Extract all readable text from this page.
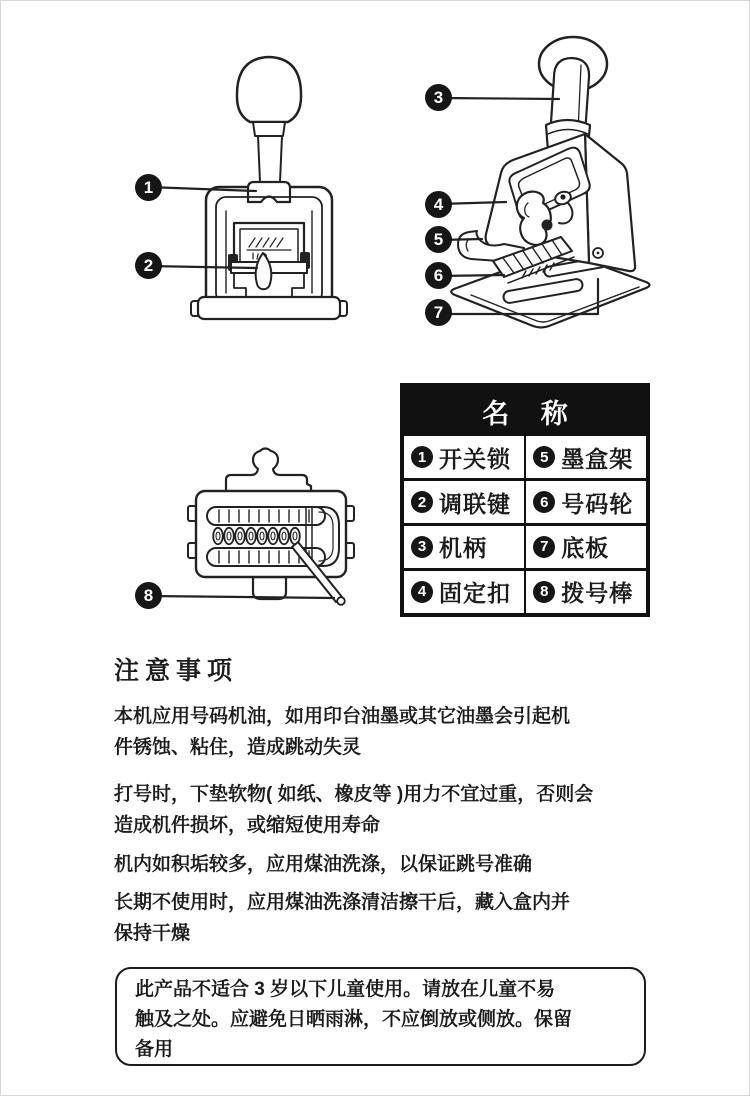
1
2
3
4
5
6
7
8
名 称
1 开关锁	5 墨盒架
2 调联键	6 号码轮
3 机柄	7 底板
4 固定扣	8 拨号棒
注意事项
本机应用号码机油，如用印台油墨或其它油墨会引起机
件锈蚀、粘住，造成跳动失灵
打号时，下垫软物( 如纸、橡皮等 )用力不宜过重，否则会
造成机件损坏，或缩短使用寿命
机内如积垢较多，应用煤油洗涤，以保证跳号准确
长期不使用时，应用煤油洗涤清洁擦干后，藏入盒内并
保持干燥
此产品不适合 3 岁以下儿童使用。请放在儿童不易
触及之处。应避免日晒雨淋，不应倒放或侧放。保留
备用
